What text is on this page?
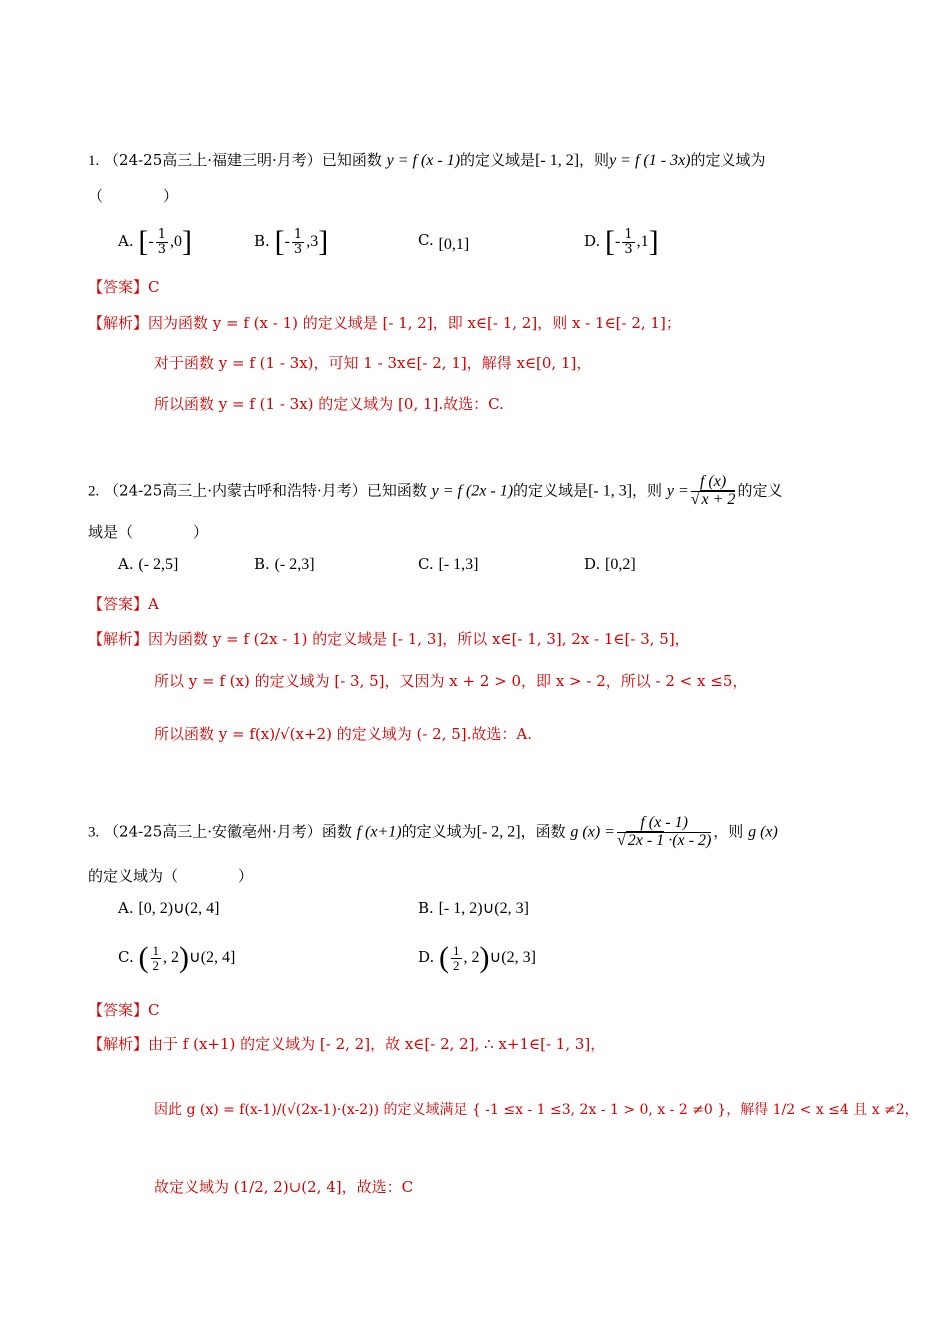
1. （24-25高三上·福建三明·月考）已知函数 y = f (x - 1)的定义域是[- 1, 2]，则y = f (1 - 3x)的定义域为
（　　　　）
A. [- $\frac{1}{3} ,0$]	B. [- $\frac{1}{3} ,3$]	C. [0,1]	D. [- $\frac{1}{3} ,1$]
【答案】C
【解析】因为函数 y = f (x - 1) 的定义域是 [- 1, 2]，即 x∈[- 1, 2]，则 x - 1∈[- 2, 1]；
对于函数 y = f (1 - 3x)，可知 1 - 3x∈[- 2, 1]，解得 x∈[0, 1]，
所以函数 y = f (1 - 3x) 的定义域为 [0, 1].故选：C.
2. （24-25高三上·内蒙古呼和浩特·月考）已知函数 y = f (2x - 1)的定义域是[- 1, 3]，则 $y = \frac{f (x)}{√ x + 2}$ 的定义
域是（　　　　）
A. (- 2,5]	B. (- 2,3]	C. [- 1,3]	D. [0,2]
【答案】A
【解析】因为函数 y = f (2x - 1) 的定义域是 [- 1, 3]，所以 x∈[- 1, 3], 2x - 1∈[- 3, 5]，
所以 y = f (x) 的定义域为 [- 3, 5]，又因为 x + 2 > 0，即 x > - 2，所以 - 2 < x ≤5，
所以函数 y = f(x)/√(x+2) 的定义域为 (- 2, 5].故选：A.
3. （24-25高三上·安徽亳州·月考）函数 f (x+1)的定义域为[- 2, 2]，函数 g $(x) = \frac{f (x - 1)}{√ 2x - 1 \cdot(x - 2)}$ ，则 g (x)
的定义域为（　　　　）
A. [0, 2)∪(2, 4]	B. [- 1, 2)∪(2, 3]
C. ( $\frac{1}{2}$ , 2)∪(2, 4]	D. ( $\frac{1}{2}$ , 2)∪(2, 3]
【答案】C
【解析】由于 f (x+1) 的定义域为 [- 2, 2]，故 x∈[- 2, 2], ∴ x+1∈[- 1, 3]，
因此 g (x) = f(x-1)/(√(2x-1)·(x-2)) 的定义域满足 { -1 ≤x - 1 ≤3, 2x - 1 > 0, x - 2 ≠0 }，解得 1/2 < x ≤4 且 x ≠2，
故定义域为 (1/2, 2)∪(2, 4]，故选：C
